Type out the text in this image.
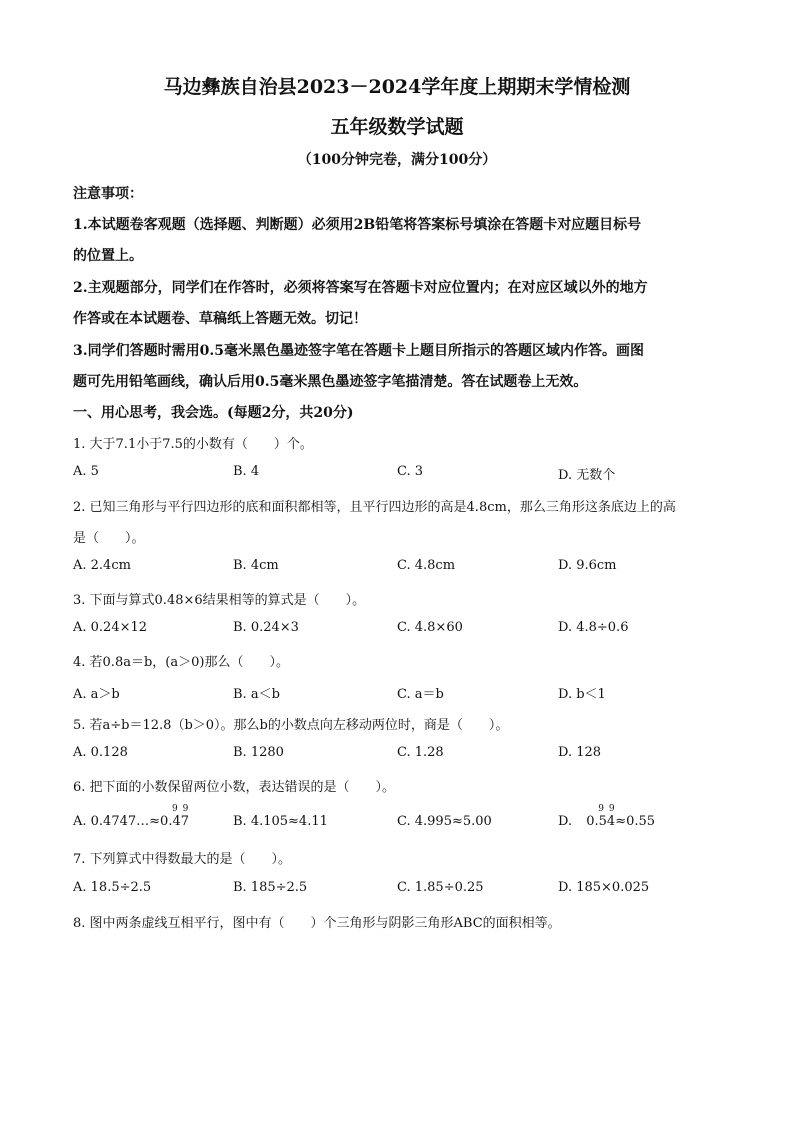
马边彝族自治县2023－2024学年度上期期末学情检测
五年级数学试题
（100分钟完卷，满分100分）
注意事项：
1.本试题卷客观题（选择题、判断题）必须用2B铅笔将答案标号填涂在答题卡对应题目标号
的位置上。
2.主观题部分，同学们在作答时，必须将答案写在答题卡对应位置内；在对应区域以外的地方
作答或在本试题卷、草稿纸上答题无效。切记！
3.同学们答题时需用0.5毫米黑色墨迹签字笔在答题卡上题目所指示的答题区域内作答。画图
题可先用铅笔画线，确认后用0.5毫米黑色墨迹签字笔描清楚。答在试题卷上无效。
一、用心思考，我会选。(每题2分，共20分)
1. 大于7.1小于7.5的小数有（　　）个。
A. 5	B. 4	C. 3	D. 无数个
2. 已知三角形与平行四边形的底和面积都相等，且平行四边形的高是4.8cm，那么三角形这条底边上的高
是（　　）。
A. 2.4cm	B. 4cm	C. 4.8cm	D. 9.6cm
3. 下面与算式0.48×6结果相等的算式是（　　）。
A. 0.24×12	B. 0.24×3	C. 4.8×60	D. 4.8÷0.6
4. 若0.8a＝b，(a＞0)那么（　　）。
A. a＞b	B. a＜b	C. a＝b	D. b＜1
5. 若a÷b＝12.8（b＞0）。那么b的小数点向左移动两位时，商是（　　）。
A. 0.128	B. 1280	C. 1.28	D. 128
6. 把下面的小数保留两位小数，表达错误的是（　　）。
A. 0.4747…≈
9 9
0.47	B. 4.105≈4.11	C. 4.995≈5.00	D.
9 9
0.54≈0.55
7. 下列算式中得数最大的是（　　）。
A. 18.5÷2.5	B. 185÷2.5	C. 1.85÷0.25	D. 185×0.025
8. 图中两条虚线互相平行，图中有（　　）个三角形与阴影三角形ABC的面积相等。
